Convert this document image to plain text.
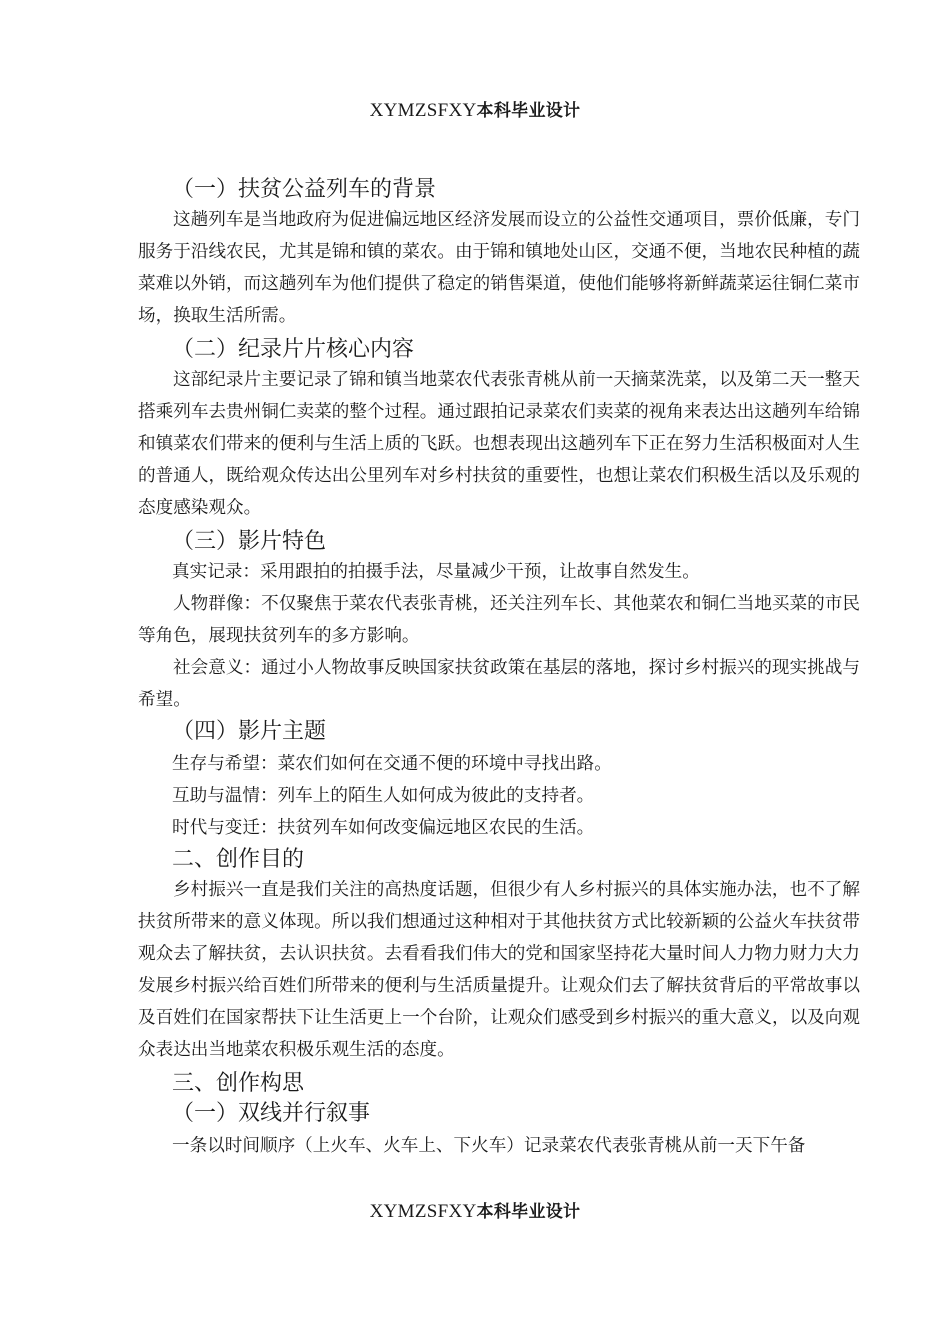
XYMZSFXY本科毕业设计
（一）扶贫公益列车的背景

这趟列车是当地政府为促进偏远地区经济发展而设立的公益性交通项目，票价低廉，专门服务于沿线农民，尤其是锦和镇的菜农。由于锦和镇地处山区，交通不便，当地农民种植的蔬菜难以外销，而这趟列车为他们提供了稳定的销售渠道，使他们能够将新鲜蔬菜运往铜仁菜市场，换取生活所需。

（二）纪录片片核心内容

这部纪录片主要记录了锦和镇当地菜农代表张青桃从前一天摘菜洗菜，以及第二天一整天搭乘列车去贵州铜仁卖菜的整个过程。通过跟拍记录菜农们卖菜的视角来表达出这趟列车给锦和镇菜农们带来的便利与生活上质的飞跃。也想表现出这趟列车下正在努力生活积极面对人生的普通人，既给观众传达出公里列车对乡村扶贫的重要性，也想让菜农们积极生活以及乐观的态度感染观众。

（三）影片特色

真实记录：采用跟拍的拍摄手法，尽量减少干预，让故事自然发生。

人物群像：不仅聚焦于菜农代表张青桃，还关注列车长、其他菜农和铜仁当地买菜的市民等角色，展现扶贫列车的多方影响。

社会意义：通过小人物故事反映国家扶贫政策在基层的落地，探讨乡村振兴的现实挑战与希望。

（四）影片主题

生存与希望：菜农们如何在交通不便的环境中寻找出路。

互助与温情：列车上的陌生人如何成为彼此的支持者。

时代与变迁：扶贫列车如何改变偏远地区农民的生活。

二、创作目的

乡村振兴一直是我们关注的高热度话题，但很少有人乡村振兴的具体实施办法，也不了解扶贫所带来的意义体现。所以我们想通过这种相对于其他扶贫方式比较新颖的公益火车扶贫带观众去了解扶贫，去认识扶贫。去看看我们伟大的党和国家坚持花大量时间人力物力财力大力发展乡村振兴给百姓们所带来的便利与生活质量提升。让观众们去了解扶贫背后的平常故事以及百姓们在国家帮扶下让生活更上一个台阶，让观众们感受到乡村振兴的重大意义，以及向观众表达出当地菜农积极乐观生活的态度。

三、创作构思
（一）双线并行叙事

一条以时间顺序（上火车、火车上、下火车）记录菜农代表张青桃从前一天下午备

XYMZSFXY本科毕业设计
